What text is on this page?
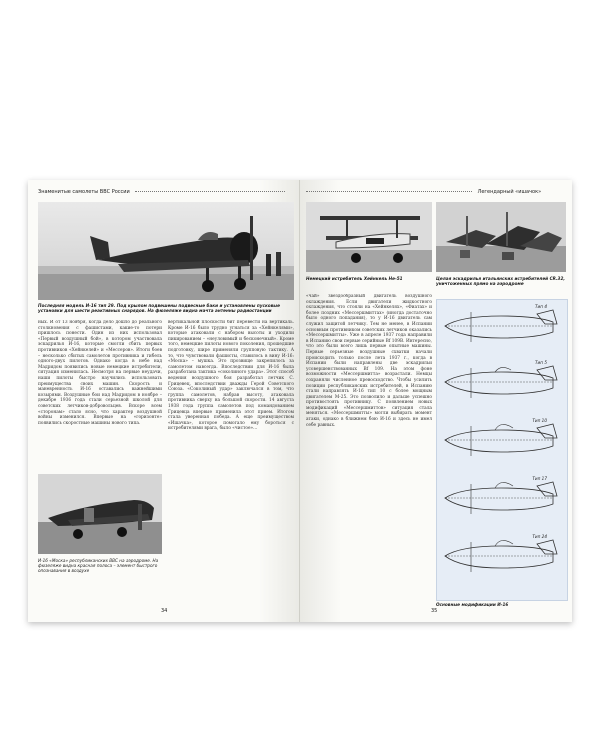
Знаменитые самолеты ВВС России
Последняя модель И-16 тип 29. Под крылом подвешены подвесные баки и установлены пусковые установки для шести реактивных снарядов. На фюзеляже видна мачта антенны радиостанции
ных. И от 13 ноября, когда дело дошло до реального столкновения с фашистами, какие-то потери пришлось понести. Один из них использовал «Первый воздушный бой», в котором участвовала эскадрилья И-16, которые смогли сбить первых противников «Хейнкелей» и «Мессеров». Итоги боев – несколько сбитых самолетов противника и гибель одного-двух пилотов. Однако когда в небе над Мадридом появились новые немецкие истребители, ситуация изменилась. Несмотря на первые неудачи, наши пилоты быстро научились использовать преимущества своих машин. Скорость и маневренность И-16 оставались важнейшими козырями. Воздушные бои над Мадридом в ноябре – декабре 1936 года стали серьезной школой для советских летчиков-добровольцев. Вскоре всем «сторонам» стало ясно, что характер воздушной войны изменился. Впервые на «горизонте» появились скоростные машины нового типа.
И-16 «Моска» республиканских ВВС на аэродроме. На фюзеляже видна красная полоса – элемент быстрого опознавания в воздухе
вертикальной плоскости бит перевести на вертикаль. Кроме И-16 было трудно угнаться за «Хейнкелями», которые атаковали с набором высоты и уходили пикированием – «неуловимый и бесконечный». Кроме того, немецкие пилоты нового поколения, прошедшие подготовку, шире применяли групповую тактику. А то, что чувствовали фашисты, ставилось в вину И-16: «Моска» – мушка. Это прозвище закрепилось за самолетом навсегда. Впоследствии для И-16 была разработана тактика «соколиного удара». Этот способ ведения воздушного боя разработал летчик С. Грицевец, впоследствии дважды Герой Советского Союза. «Соколиный удар» заключался в том, что группа самолетов, набрав высоту, атаковала противника сверху на большой скорости. 14 августа 1938 года группа самолетов под командованием Грицевца впервые применила этот прием. Итогом стала уверенная победа. А еще преимуществом «Ишачка», которое помогало ему бороться с истребителями врага, было «чистое»...
34
Легендарный «ишачок»
Немецкий истребитель Хейнкель He-51	Целая эскадрилья итальянских истребителей CR.32, уничтоженных прямо на аэродроме
«чай» звездообразный двигатель воздушного охлаждения. Если двигатели жидкостного охлаждения, что стояли на «Хейнкелях», «Фиатах» и более поздних «Мессершмиттах» (иногда достаточно было одного попадания), то у И-16 двигатель сам служил защитой летчику. Тем не менее, в Испании основным противником советских летчиков оказались «Мессершмитты». Уже в апреле 1937 года направили в Испанию свои первые серийные Bf 109B. Интересно, что это были всего лишь первые опытные машины. Первые серьезные воздушные схватки начали происходить только после лета 1937 г., когда в Испании были направлены две эскадрильи усовершенствованных Bf 109. На этом фоне возможности «Мессершмитта» возрастали. Немцы сохраняли численное превосходство. Чтобы усилить позиции республиканских истребителей, в Испанию стали направлять И-16 тип 10 с более мощным двигателем М-25. Это позволило и дальше успешно противостоять противнику. С появлением новых модификаций «Мессершмиттов» ситуация стала меняться. «Мессершмитты» могли выбирать момент атаки, однако в ближнем бою И-16 и здесь не имел себе равных.
Тип 4
Тип 5
Тип 10
Тип 17
Тип 24
Основные модификации И-16
35
